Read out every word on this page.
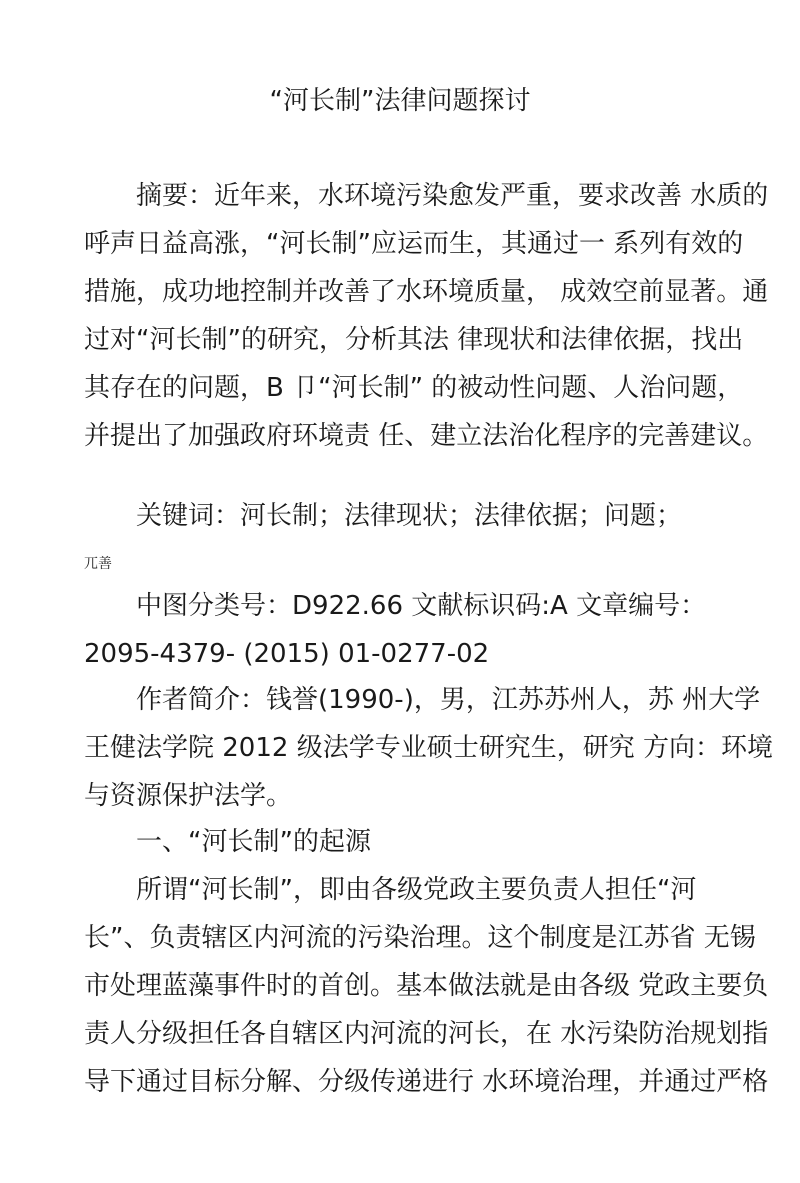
“河长制”法律问题探讨
摘要：近年来，水环境污染愈发严重，要求改善 水质的
呼声日益高涨，“河长制”应运而生，其通过一 系列有效的
措施，成功地控制并改善了水环境质量， 成效空前显著。通
过对“河长制”的研究，分析其法 律现状和法律依据，找出
其存在的问题，B 卩“河长制” 的被动性问题、人治问题，
并提出了加强政府环境责 任、建立法治化程序的完善建议。
关键词：河长制；法律现状；法律依据；问题；
兀善
中图分类号：D922.66 文献标识码:A 文章编号：
2095-4379- (2015) 01-0277-02
作者简介：钱誉(1990-)，男，江苏苏州人，苏 州大学
王健法学院 2012 级法学专业硕士研究生，研究 方向：环境
与资源保护法学。
一、“河长制”的起源
所谓“河长制”，即由各级党政主要负责人担任“河
长”、负责辖区内河流的污染治理。这个制度是江苏省 无锡
市处理蓝藻事件时的首创。基本做法就是由各级 党政主要负
责人分级担任各自辖区内河流的河长，在 水污染防治规划指
导下通过目标分解、分级传递进行 水环境治理，并通过严格
